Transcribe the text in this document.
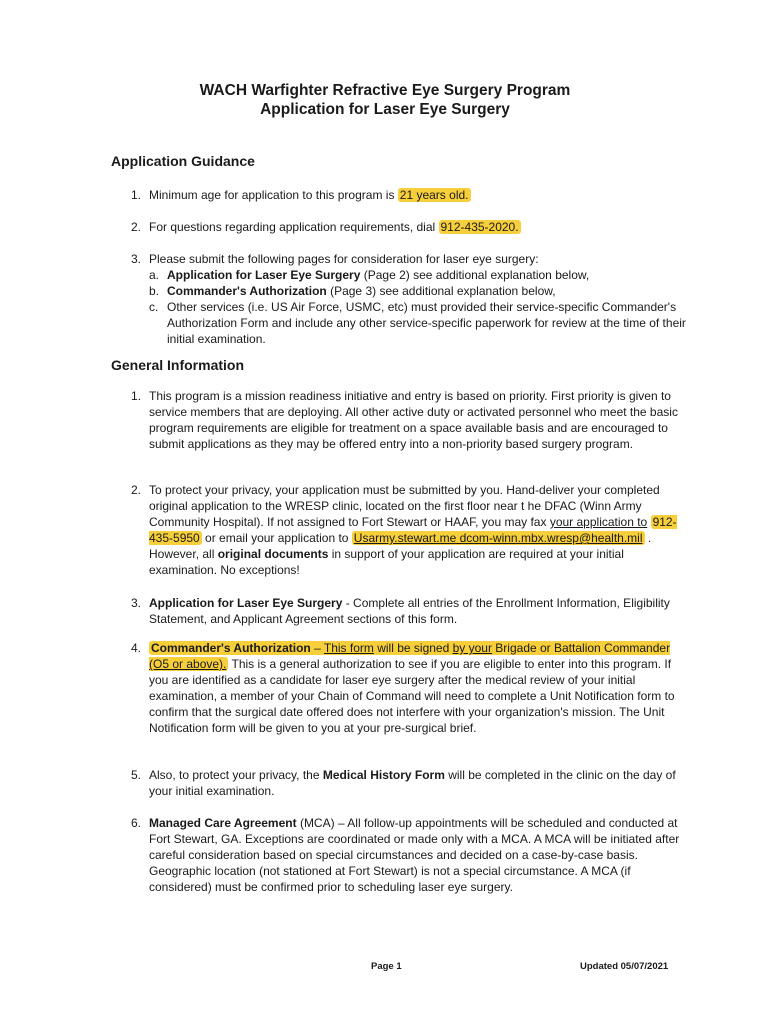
WACH Warfighter Refractive Eye Surgery Program
Application for Laser Eye Surgery
Application Guidance
1. Minimum age for application to this program is 21 years old.
2. For questions regarding application requirements, dial 912-435-2020.
3. Please submit the following pages for consideration for laser eye surgery:
a. Application for Laser Eye Surgery (Page 2) see additional explanation below,
b. Commander's Authorization (Page 3) see additional explanation below,
c. Other services (i.e. US Air Force, USMC, etc) must provided their service-specific Commander's Authorization Form and include any other service-specific paperwork for review at the time of their initial examination.
General Information
1. This program is a mission readiness initiative and entry is based on priority. First priority is given to service members that are deploying. All other active duty or activated personnel who meet the basic program requirements are eligible for treatment on a space available basis and are encouraged to submit applications as they may be offered entry into a non-priority based surgery program.
2. To protect your privacy, your application must be submitted by you. Hand-deliver your completed original application to the WRESP clinic, located on the first floor near t he DFAC (Winn Army Community Hospital). If not assigned to Fort Stewart or HAAF, you may fax your application to 912-435-5950 or email your application to Usarmy.stewart.me dcom-winn.mbx.wresp@health.mil . However, all original documents in support of your application are required at your initial examination. No exceptions!
3. Application for Laser Eye Surgery - Complete all entries of the Enrollment Information, Eligibility Statement, and Applicant Agreement sections of this form.
4. Commander's Authorization – This form will be signed by your Brigade or Battalion Commander (O5 or above). This is a general authorization to see if you are eligible to enter into this program. If you are identified as a candidate for laser eye surgery after the medical review of your initial examination, a member of your Chain of Command will need to complete a Unit Notification form to confirm that the surgical date offered does not interfere with your organization's mission. The Unit Notification form will be given to you at your pre-surgical brief.
5. Also, to protect your privacy, the Medical History Form will be completed in the clinic on the day of your initial examination.
6. Managed Care Agreement (MCA) – All follow-up appointments will be scheduled and conducted at Fort Stewart, GA. Exceptions are coordinated or made only with a MCA. A MCA will be initiated after careful consideration based on special circumstances and decided on a case-by-case basis. Geographic location (not stationed at Fort Stewart) is not a special circumstance. A MCA (if considered) must be confirmed prior to scheduling laser eye surgery.
Page 1	Updated 05/07/2021
